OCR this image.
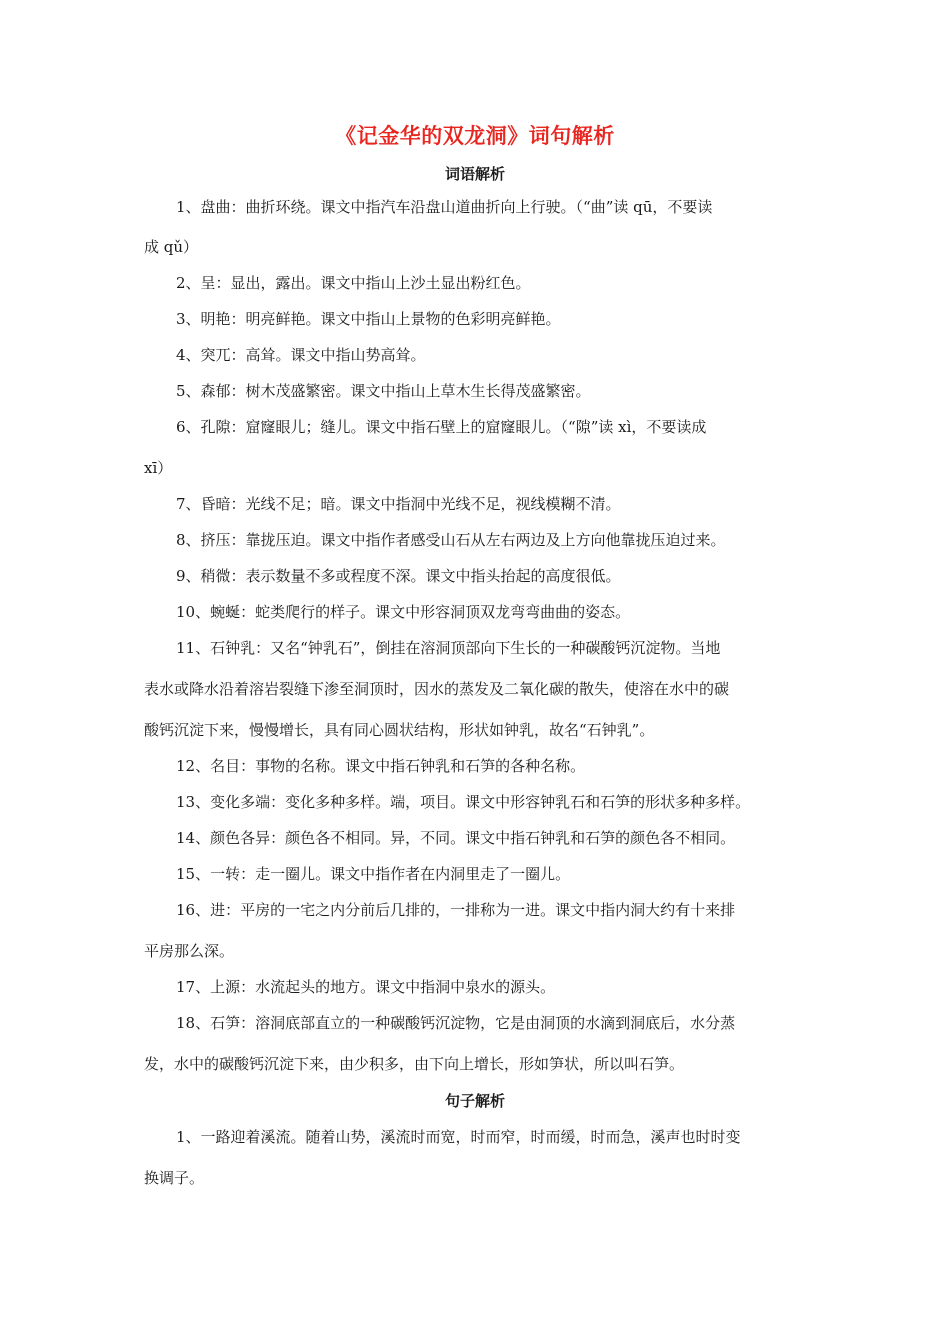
《记金华的双龙洞》词句解析
词语解析
1、盘曲：曲折环绕。课文中指汽车沿盘山道曲折向上行驶。（“曲”读 qū，不要读
成 qǔ）
2、呈：显出，露出。课文中指山上沙土显出粉红色。
3、明艳：明亮鲜艳。课文中指山上景物的色彩明亮鲜艳。
4、突兀：高耸。课文中指山势高耸。
5、森郁：树木茂盛繁密。课文中指山上草木生长得茂盛繁密。
6、孔隙：窟窿眼儿；缝儿。课文中指石壁上的窟窿眼儿。（“隙”读 xì，不要读成
xī）
7、昏暗：光线不足；暗。课文中指洞中光线不足，视线模糊不清。
8、挤压：靠拢压迫。课文中指作者感受山石从左右两边及上方向他靠拢压迫过来。
9、稍微：表示数量不多或程度不深。课文中指头抬起的高度很低。
10、蜿蜒：蛇类爬行的样子。课文中形容洞顶双龙弯弯曲曲的姿态。
11、石钟乳：又名“钟乳石”，倒挂在溶洞顶部向下生长的一种碳酸钙沉淀物。当地
表水或降水沿着溶岩裂缝下渗至洞顶时，因水的蒸发及二氧化碳的散失，使溶在水中的碳
酸钙沉淀下来，慢慢增长，具有同心圆状结构，形状如钟乳，故名“石钟乳”。
12、名目：事物的名称。课文中指石钟乳和石笋的各种名称。
13、变化多端：变化多种多样。端，项目。课文中形容钟乳石和石笋的形状多种多样。
14、颜色各异：颜色各不相同。异，不同。课文中指石钟乳和石笋的颜色各不相同。
15、一转：走一圈儿。课文中指作者在内洞里走了一圈儿。
16、进：平房的一宅之内分前后几排的，一排称为一进。课文中指内洞大约有十来排
平房那么深。
17、上源：水流起头的地方。课文中指洞中泉水的源头。
18、石笋：溶洞底部直立的一种碳酸钙沉淀物，它是由洞顶的水滴到洞底后，水分蒸
发，水中的碳酸钙沉淀下来，由少积多，由下向上增长，形如笋状，所以叫石笋。
句子解析
1、一路迎着溪流。随着山势，溪流时而宽，时而窄，时而缓，时而急，溪声也时时变
换调子。
